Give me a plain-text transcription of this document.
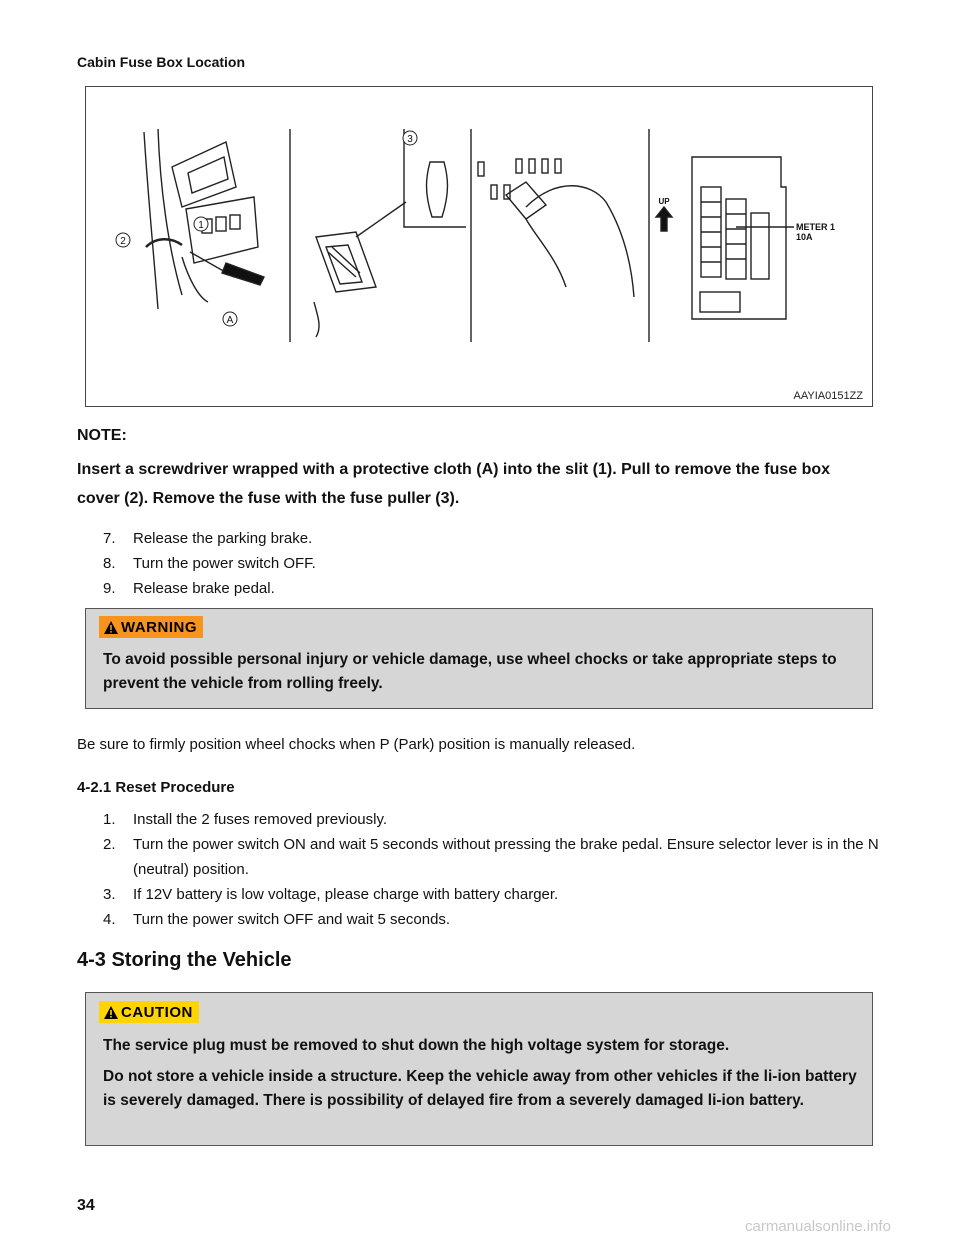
Cabin Fuse Box Location
1
2
3
A
UP
METER 1
10A
AAYIA0151ZZ
NOTE:
Insert a screwdriver wrapped with a protective cloth (A) into the slit (1). Pull to remove the fuse box cover (2). Remove the fuse with the fuse puller (3).
7.	Release the parking brake.
8.	Turn the power switch OFF.
9.	Release brake pedal.
WARNING
To avoid possible personal injury or vehicle damage, use wheel chocks or take appropriate steps to prevent the vehicle from rolling freely.
Be sure to firmly position wheel chocks when P (Park) position is manually released.
4-2.1 Reset Procedure
1.	Install the 2 fuses removed previously.
2.	Turn the power switch ON and wait 5 seconds without pressing the brake pedal. Ensure selector lever is in the N (neutral) position.
3.	If 12V battery is low voltage, please charge with battery charger.
4.	Turn the power switch OFF and wait 5 seconds.
4-3 Storing the Vehicle
CAUTION
The service plug must be removed to shut down the high voltage system for storage.
Do not store a vehicle inside a structure. Keep the vehicle away from other vehicles if the li-ion battery is severely damaged. There is possibility of delayed fire from a severely damaged li-ion battery.
34
carmanualsonline.info
